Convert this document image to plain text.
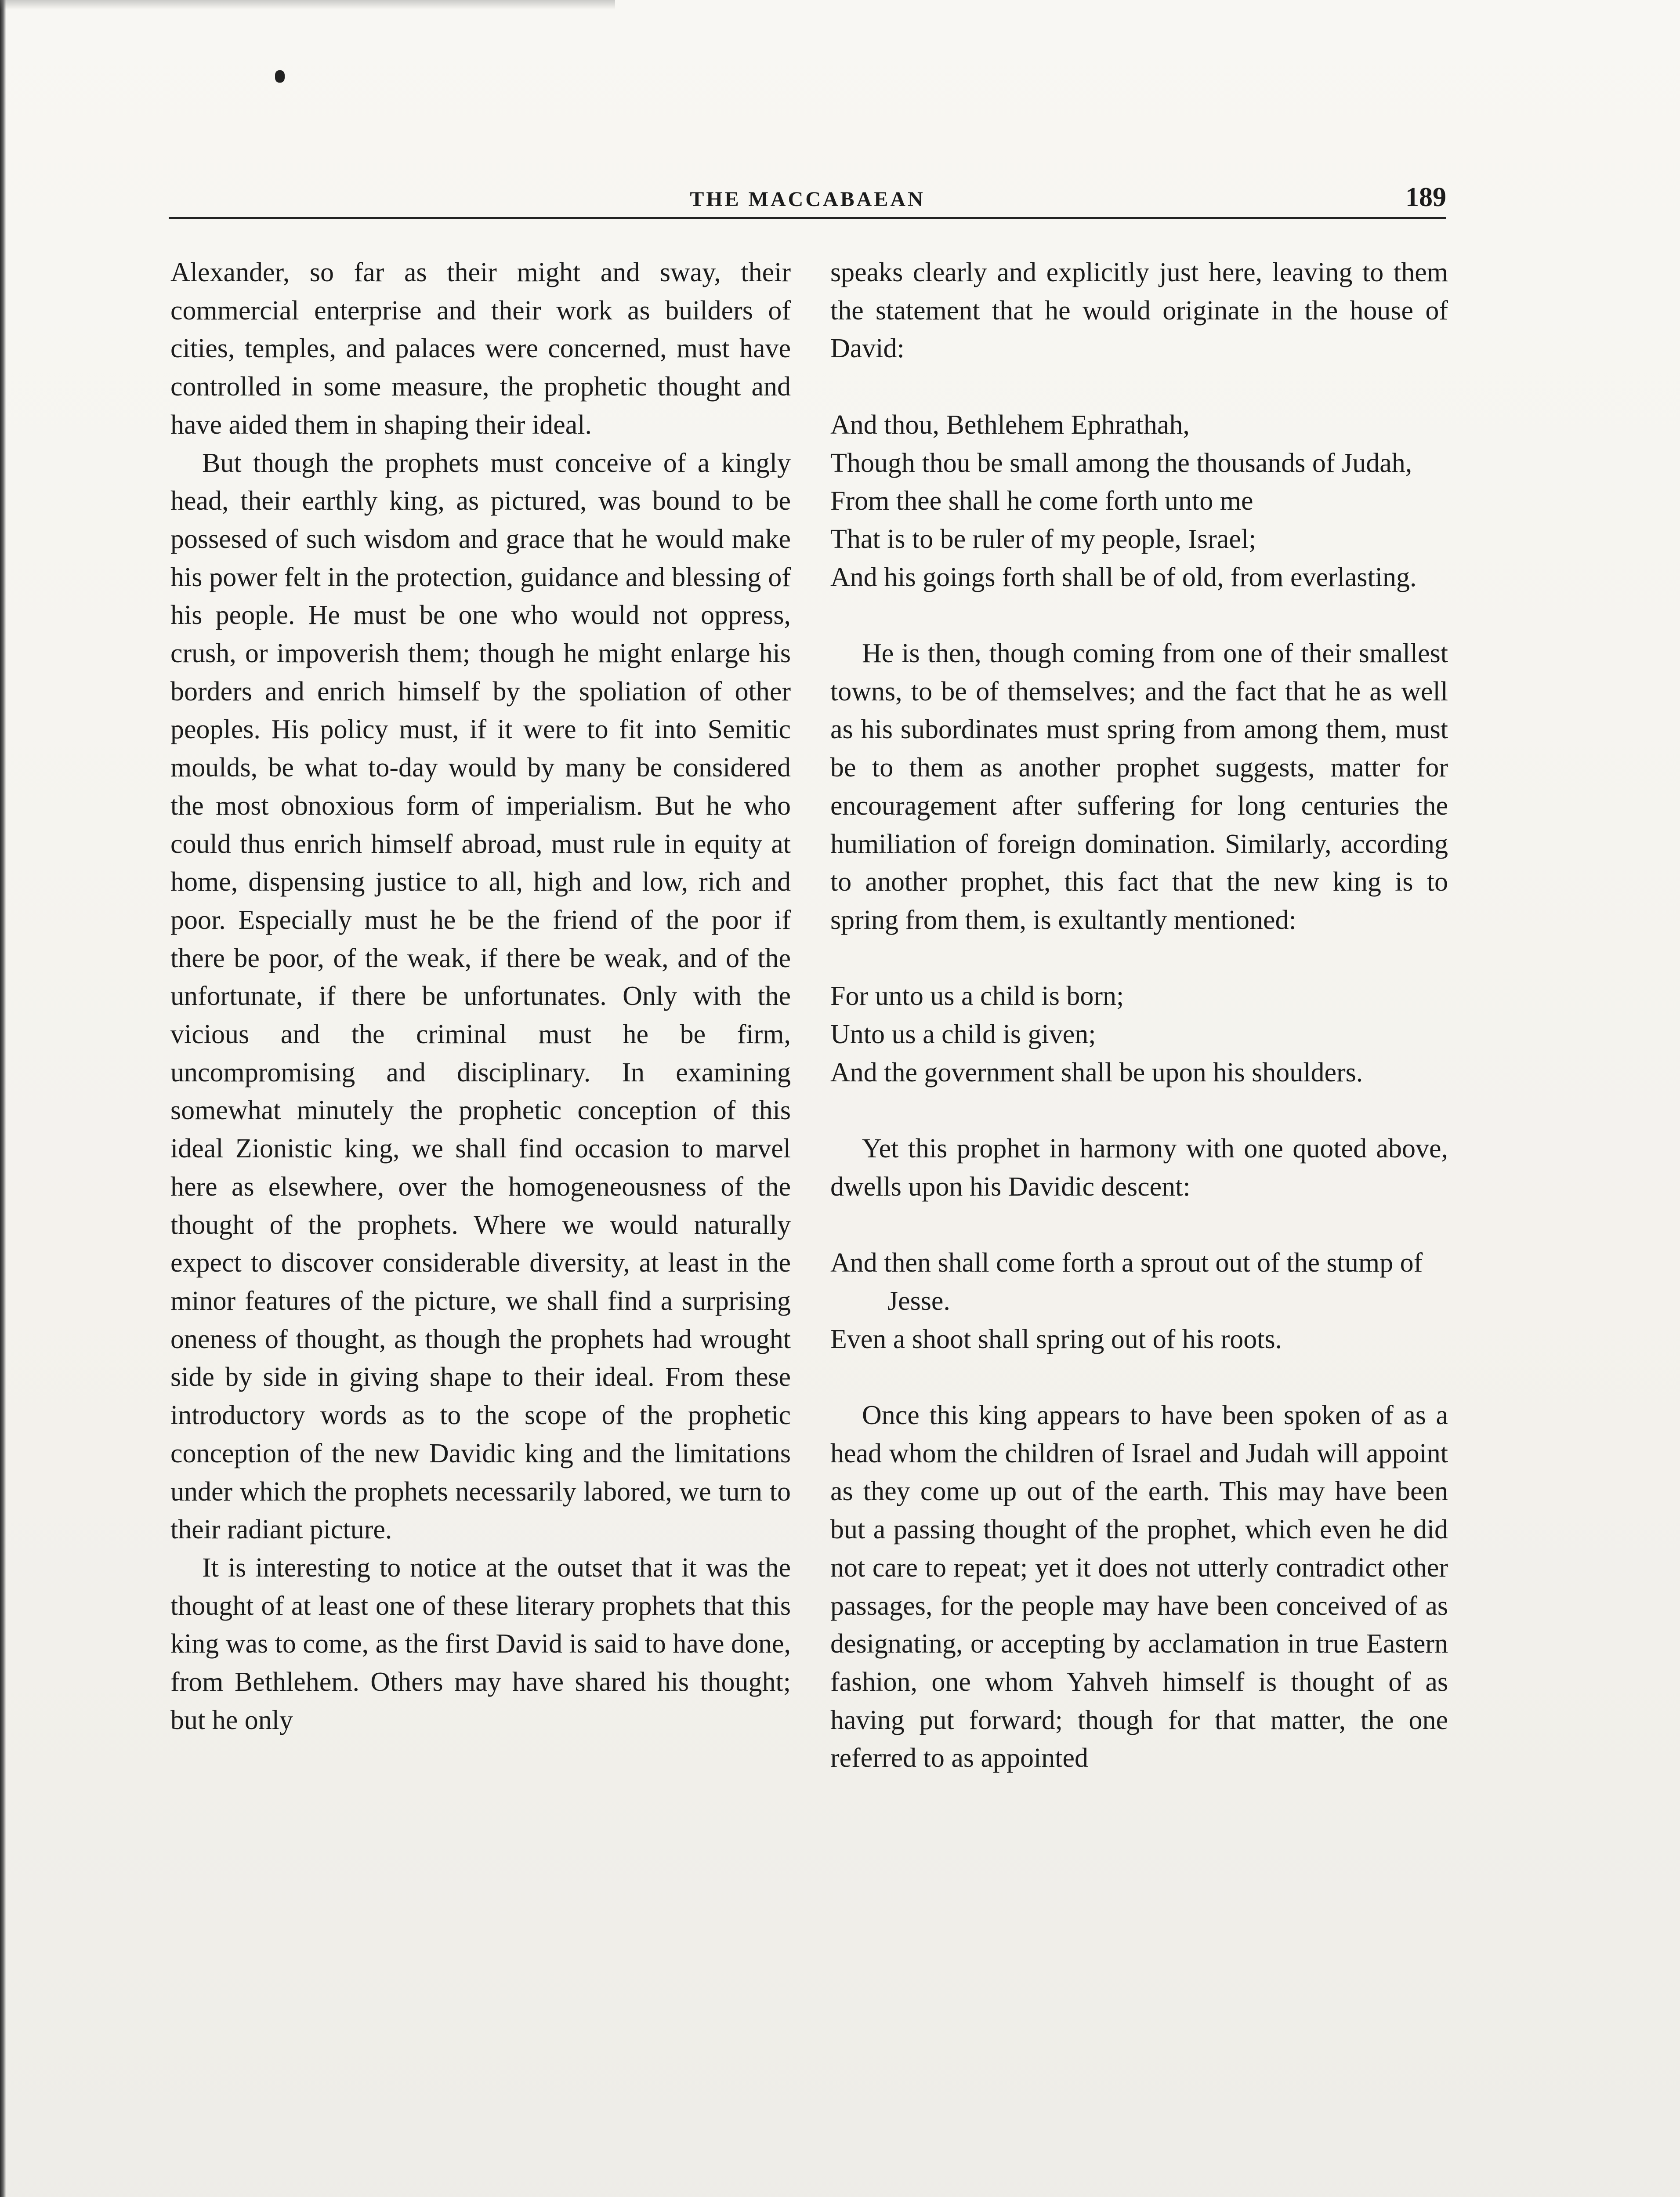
THE MACCABAEAN	189

Alexander, so far as their might and sway, their commercial enterprise and their work as builders of cities, temples, and palaces were concerned, must have controlled in some measure, the prophetic thought and have aided them in shaping their ideal.

But though the prophets must conceive of a kingly head, their earthly king, as pictured, was bound to be possesed of such wisdom and grace that he would make his power felt in the protection, guidance and blessing of his people. He must be one who would not oppress, crush, or impoverish them; though he might enlarge his borders and enrich himself by the spoliation of other peoples. His policy must, if it were to fit into Semitic moulds, be what to-day would by many be considered the most obnoxious form of imperialism. But he who could thus enrich himself abroad, must rule in equity at home, dispensing justice to all, high and low, rich and poor. Especially must he be the friend of the poor if there be poor, of the weak, if there be weak, and of the unfortunate, if there be unfortunates. Only with the vicious and the criminal must he be firm, uncompromising and disciplinary. In examining somewhat minutely the prophetic conception of this ideal Zionistic king, we shall find occasion to marvel here as elsewhere, over the homogeneousness of the thought of the prophets. Where we would naturally expect to discover considerable diversity, at least in the minor features of the picture, we shall find a surprising oneness of thought, as though the prophets had wrought side by side in giving shape to their ideal. From these introductory words as to the scope of the prophetic conception of the new Davidic king and the limitations under which the prophets necessarily labored, we turn to their radiant picture.

It is interesting to notice at the outset that it was the thought of at least one of these literary prophets that this king was to come, as the first David is said to have done, from Bethlehem. Others may have shared his thought; but he only

speaks clearly and explicitly just here, leaving to them the statement that he would originate in the house of David:

And thou, Bethlehem Ephrathah,
Though thou be small among the thousands of Judah,
From thee shall he come forth unto me
That is to be ruler of my people, Israel;
And his goings forth shall be of old, from everlasting.

He is then, though coming from one of their smallest towns, to be of themselves; and the fact that he as well as his subordinates must spring from among them, must be to them as another prophet suggests, matter for encouragement after suffering for long centuries the humiliation of foreign domination. Similarly, according to another prophet, this fact that the new king is to spring from them, is exultantly mentioned:

For unto us a child is born;
Unto us a child is given;
And the government shall be upon his shoulders.

Yet this prophet in harmony with one quoted above, dwells upon his Davidic descent:

And then shall come forth a sprout out of the stump of Jesse.
Even a shoot shall spring out of his roots.

Once this king appears to have been spoken of as a head whom the children of Israel and Judah will appoint as they come up out of the earth. This may have been but a passing thought of the prophet, which even he did not care to repeat; yet it does not utterly contradict other passages, for the people may have been conceived of as designating, or accepting by acclamation in true Eastern fashion, one whom Yahveh himself is thought of as having put forward; though for that matter, the one referred to as appointed
